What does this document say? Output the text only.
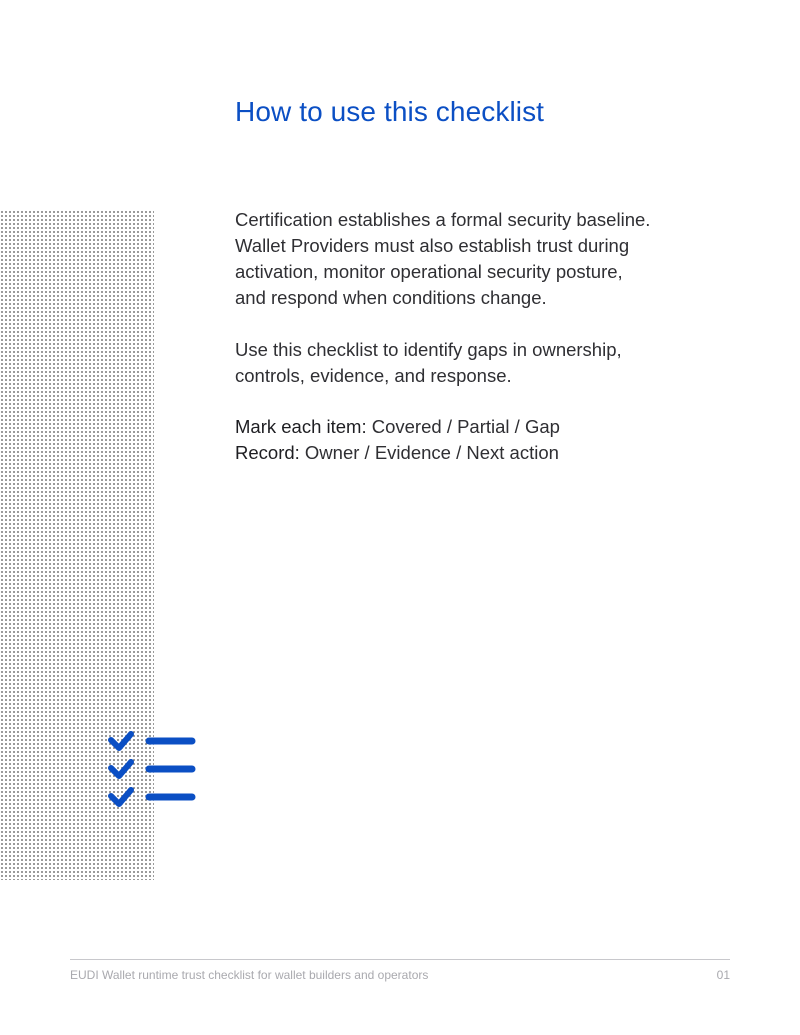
How to use this checklist

Certification establishes a formal security baseline.
Wallet Providers must also establish trust during
activation, monitor operational security posture,
and respond when conditions change.

Use this checklist to identify gaps in ownership,
controls, evidence, and response.

Mark each item: Covered / Partial / Gap

Record: Owner / Evidence / Next action

EUDI Wallet runtime trust checklist for wallet builders and operators	01
